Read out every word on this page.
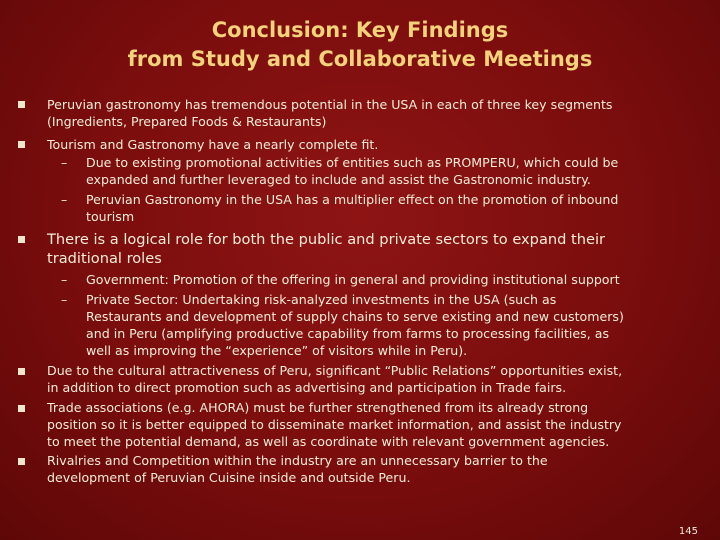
Conclusion: Key Findings
from Study and Collaborative Meetings
Peruvian gastronomy has tremendous potential in the USA in each of three key segments
(Ingredients, Prepared Foods & Restaurants)
Tourism and Gastronomy have a nearly complete fit.
– Due to existing promotional activities of entities such as PROMPERU, which could be
expanded and further leveraged to include and assist the Gastronomic industry.
– Peruvian Gastronomy in the USA has a multiplier effect on the promotion of inbound
tourism
There is a logical role for both the public and private sectors to expand their
traditional roles
– Government: Promotion of the offering in general and providing institutional support
– Private Sector: Undertaking risk-analyzed investments in the USA (such as
Restaurants and development of supply chains to serve existing and new customers)
and in Peru (amplifying productive capability from farms to processing facilities, as
well as improving the “experience” of visitors while in Peru).
Due to the cultural attractiveness of Peru, significant “Public Relations” opportunities exist,
in addition to direct promotion such as advertising and participation in Trade fairs.
Trade associations (e.g. AHORA) must be further strengthened from its already strong
position so it is better equipped to disseminate market information, and assist the industry
to meet the potential demand, as well as coordinate with relevant government agencies.
Rivalries and Competition within the industry are an unnecessary barrier to the
development of Peruvian Cuisine inside and outside Peru.
145
